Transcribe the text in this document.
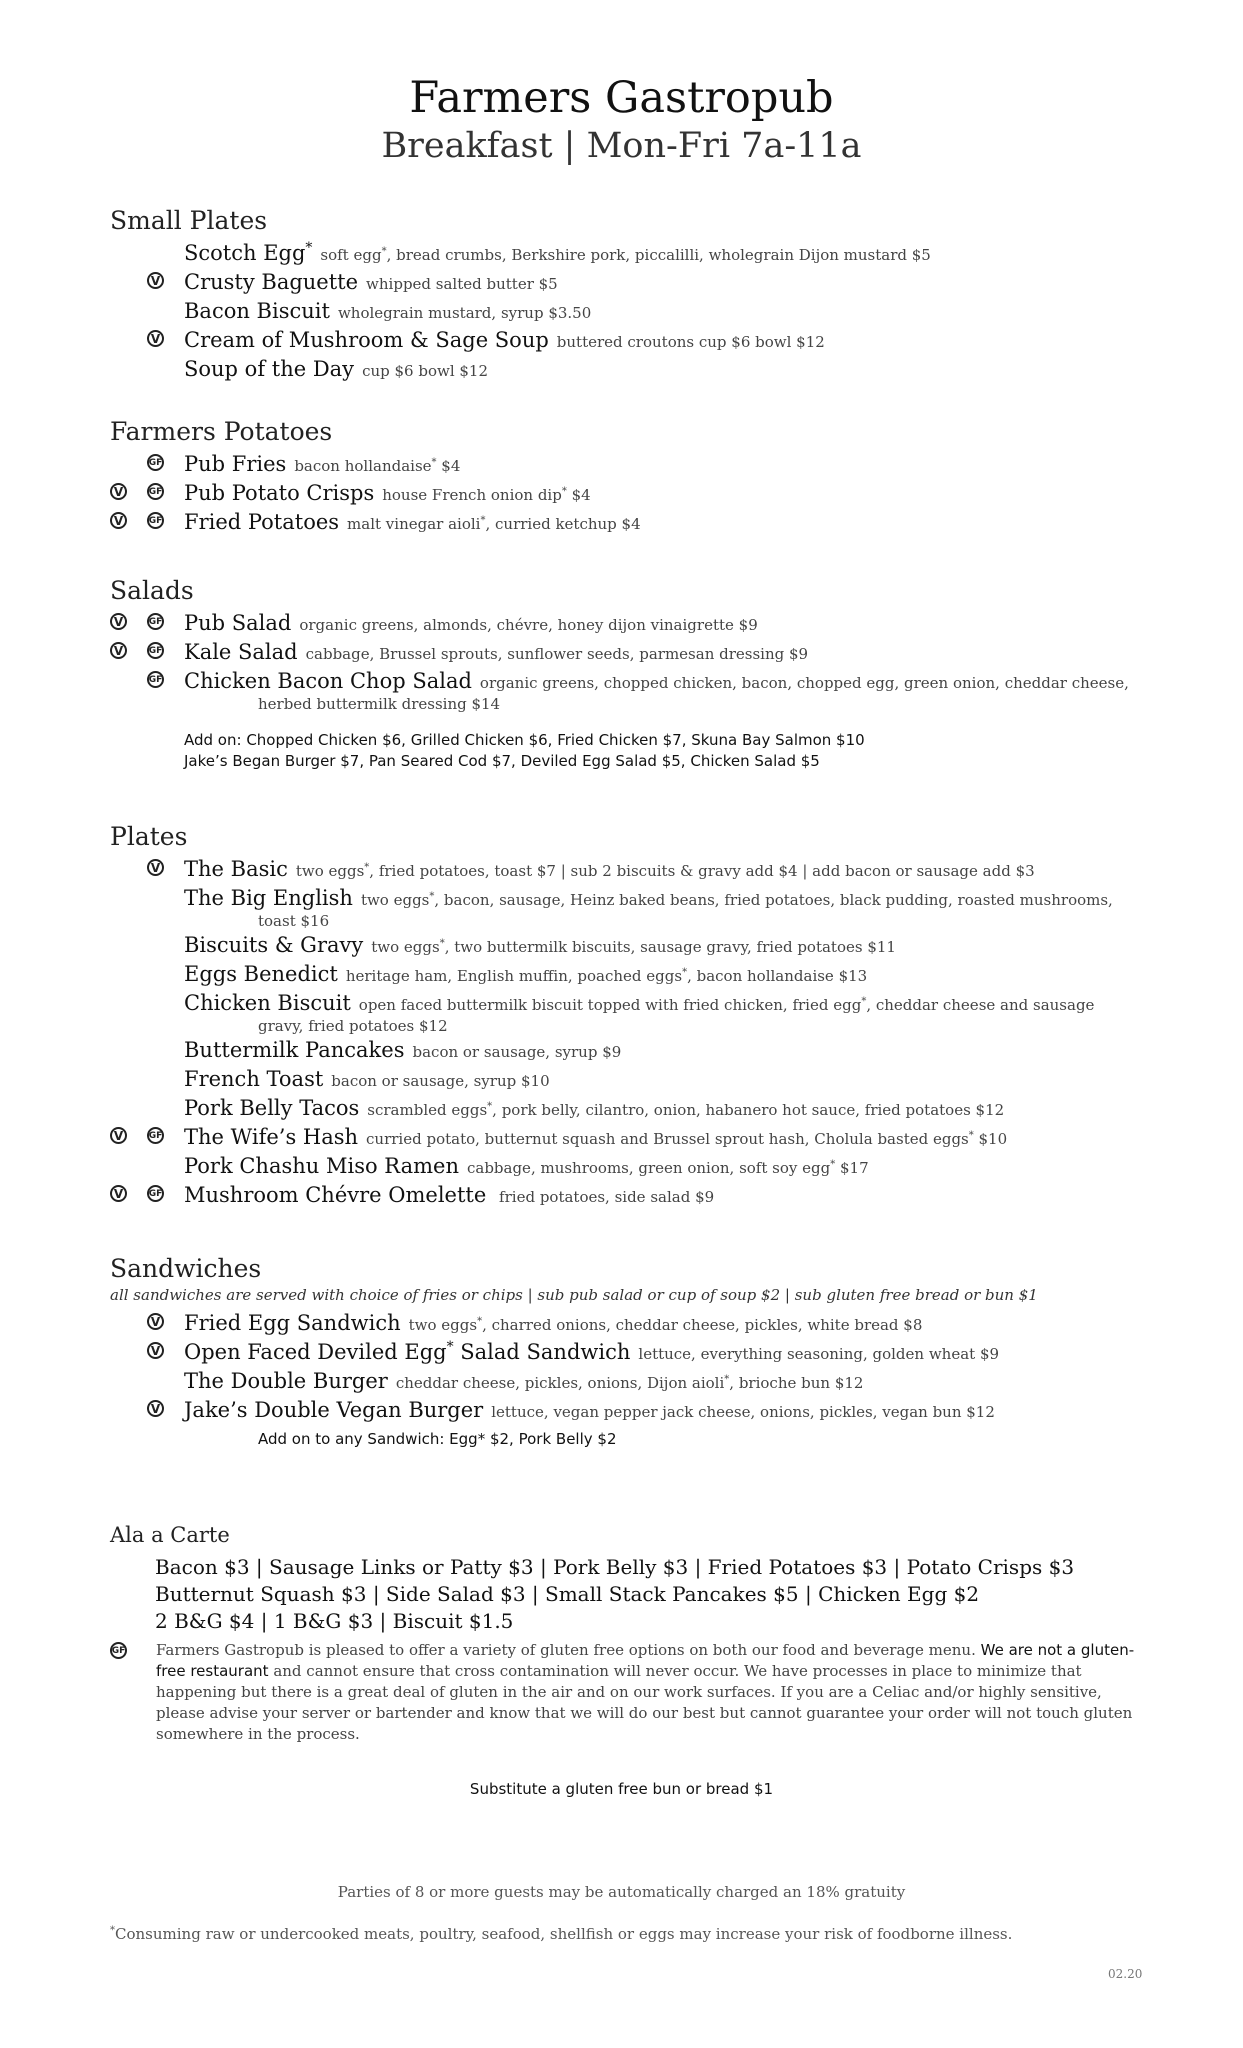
Farmers Gastropub
Breakfast | Mon-Fri 7a-11a
Small Plates
Scotch Egg* soft egg*, bread crumbs, Berkshire pork, piccalilli, wholegrain Dijon mustard $5
V Crusty Baguette whipped salted butter $5
Bacon Biscuit wholegrain mustard, syrup $3.50
V Cream of Mushroom & Sage Soup buttered croutons cup $6 bowl $12
Soup of the Day cup $6 bowl $12
Farmers Potatoes
GF Pub Fries bacon hollandaise* $4
V	GF Pub Potato Crisps house French onion dip* $4
V	GF Fried Potatoes malt vinegar aioli*, curried ketchup $4
Salads
V	GF Pub Salad organic greens, almonds, chévre, honey dijon vinaigrette $9
V	GF Kale Salad cabbage, Brussel sprouts, sunflower seeds, parmesan dressing $9
GF Chicken Bacon Chop Salad organic greens, chopped chicken, bacon, chopped egg, green onion, cheddar cheese,
herbed buttermilk dressing $14
Add on: Chopped Chicken $6, Grilled Chicken $6, Fried Chicken $7, Skuna Bay Salmon $10
Jake’s Began Burger $7, Pan Seared Cod $7, Deviled Egg Salad $5, Chicken Salad $5
Plates
V The Basic two eggs*, fried potatoes, toast $7 | sub 2 biscuits & gravy add $4 | add bacon or sausage add $3
The Big English two eggs*, bacon, sausage, Heinz baked beans, fried potatoes, black pudding, roasted mushrooms,
toast $16
Biscuits & Gravy two eggs*, two buttermilk biscuits, sausage gravy, fried potatoes $11
Eggs Benedict heritage ham, English muffin, poached eggs*, bacon hollandaise $13
Chicken Biscuit open faced buttermilk biscuit topped with fried chicken, fried egg*, cheddar cheese and sausage
gravy, fried potatoes $12
Buttermilk Pancakes bacon or sausage, syrup $9
French Toast bacon or sausage, syrup $10
Pork Belly Tacos scrambled eggs*, pork belly, cilantro, onion, habanero hot sauce, fried potatoes $12
V	GF The Wife’s Hash curried potato, butternut squash and Brussel sprout hash, Cholula basted eggs* $10
Pork Chashu Miso Ramen cabbage, mushrooms, green onion, soft soy egg* $17
V	GF Mushroom Chévre Omelette fried potatoes, side salad $9
Sandwiches
all sandwiches are served with choice of fries or chips | sub pub salad or cup of soup $2 | sub gluten free bread or bun $1
V Fried Egg Sandwich two eggs*, charred onions, cheddar cheese, pickles, white bread $8
V Open Faced Deviled Egg* Salad Sandwich lettuce, everything seasoning, golden wheat $9
The Double Burger cheddar cheese, pickles, onions, Dijon aioli*, brioche bun $12
V Jake’s Double Vegan Burger lettuce, vegan pepper jack cheese, onions, pickles, vegan bun $12
Add on to any Sandwich: Egg* $2, Pork Belly $2
Ala a Carte
Bacon $3 | Sausage Links or Patty $3 | Pork Belly $3 | Fried Potatoes $3 | Potato Crisps $3
Butternut Squash $3 | Side Salad $3 | Small Stack Pancakes $5 | Chicken Egg $2
2 B&G $4 | 1 B&G $3 | Biscuit $1.5
GF	Farmers Gastropub is pleased to offer a variety of gluten free options on both our food and beverage menu. We are not a gluten-free restaurant and cannot ensure that cross contamination will never occur. We have processes in place to minimize that happening but there is a great deal of gluten in the air and on our work surfaces. If you are a Celiac and/or highly sensitive, please advise your server or bartender and know that we will do our best but cannot guarantee your order will not touch gluten somewhere in the process.
Substitute a gluten free bun or bread $1
Parties of 8 or more guests may be automatically charged an 18% gratuity
*Consuming raw or undercooked meats, poultry, seafood, shellfish or eggs may increase your risk of foodborne illness.
02.20
